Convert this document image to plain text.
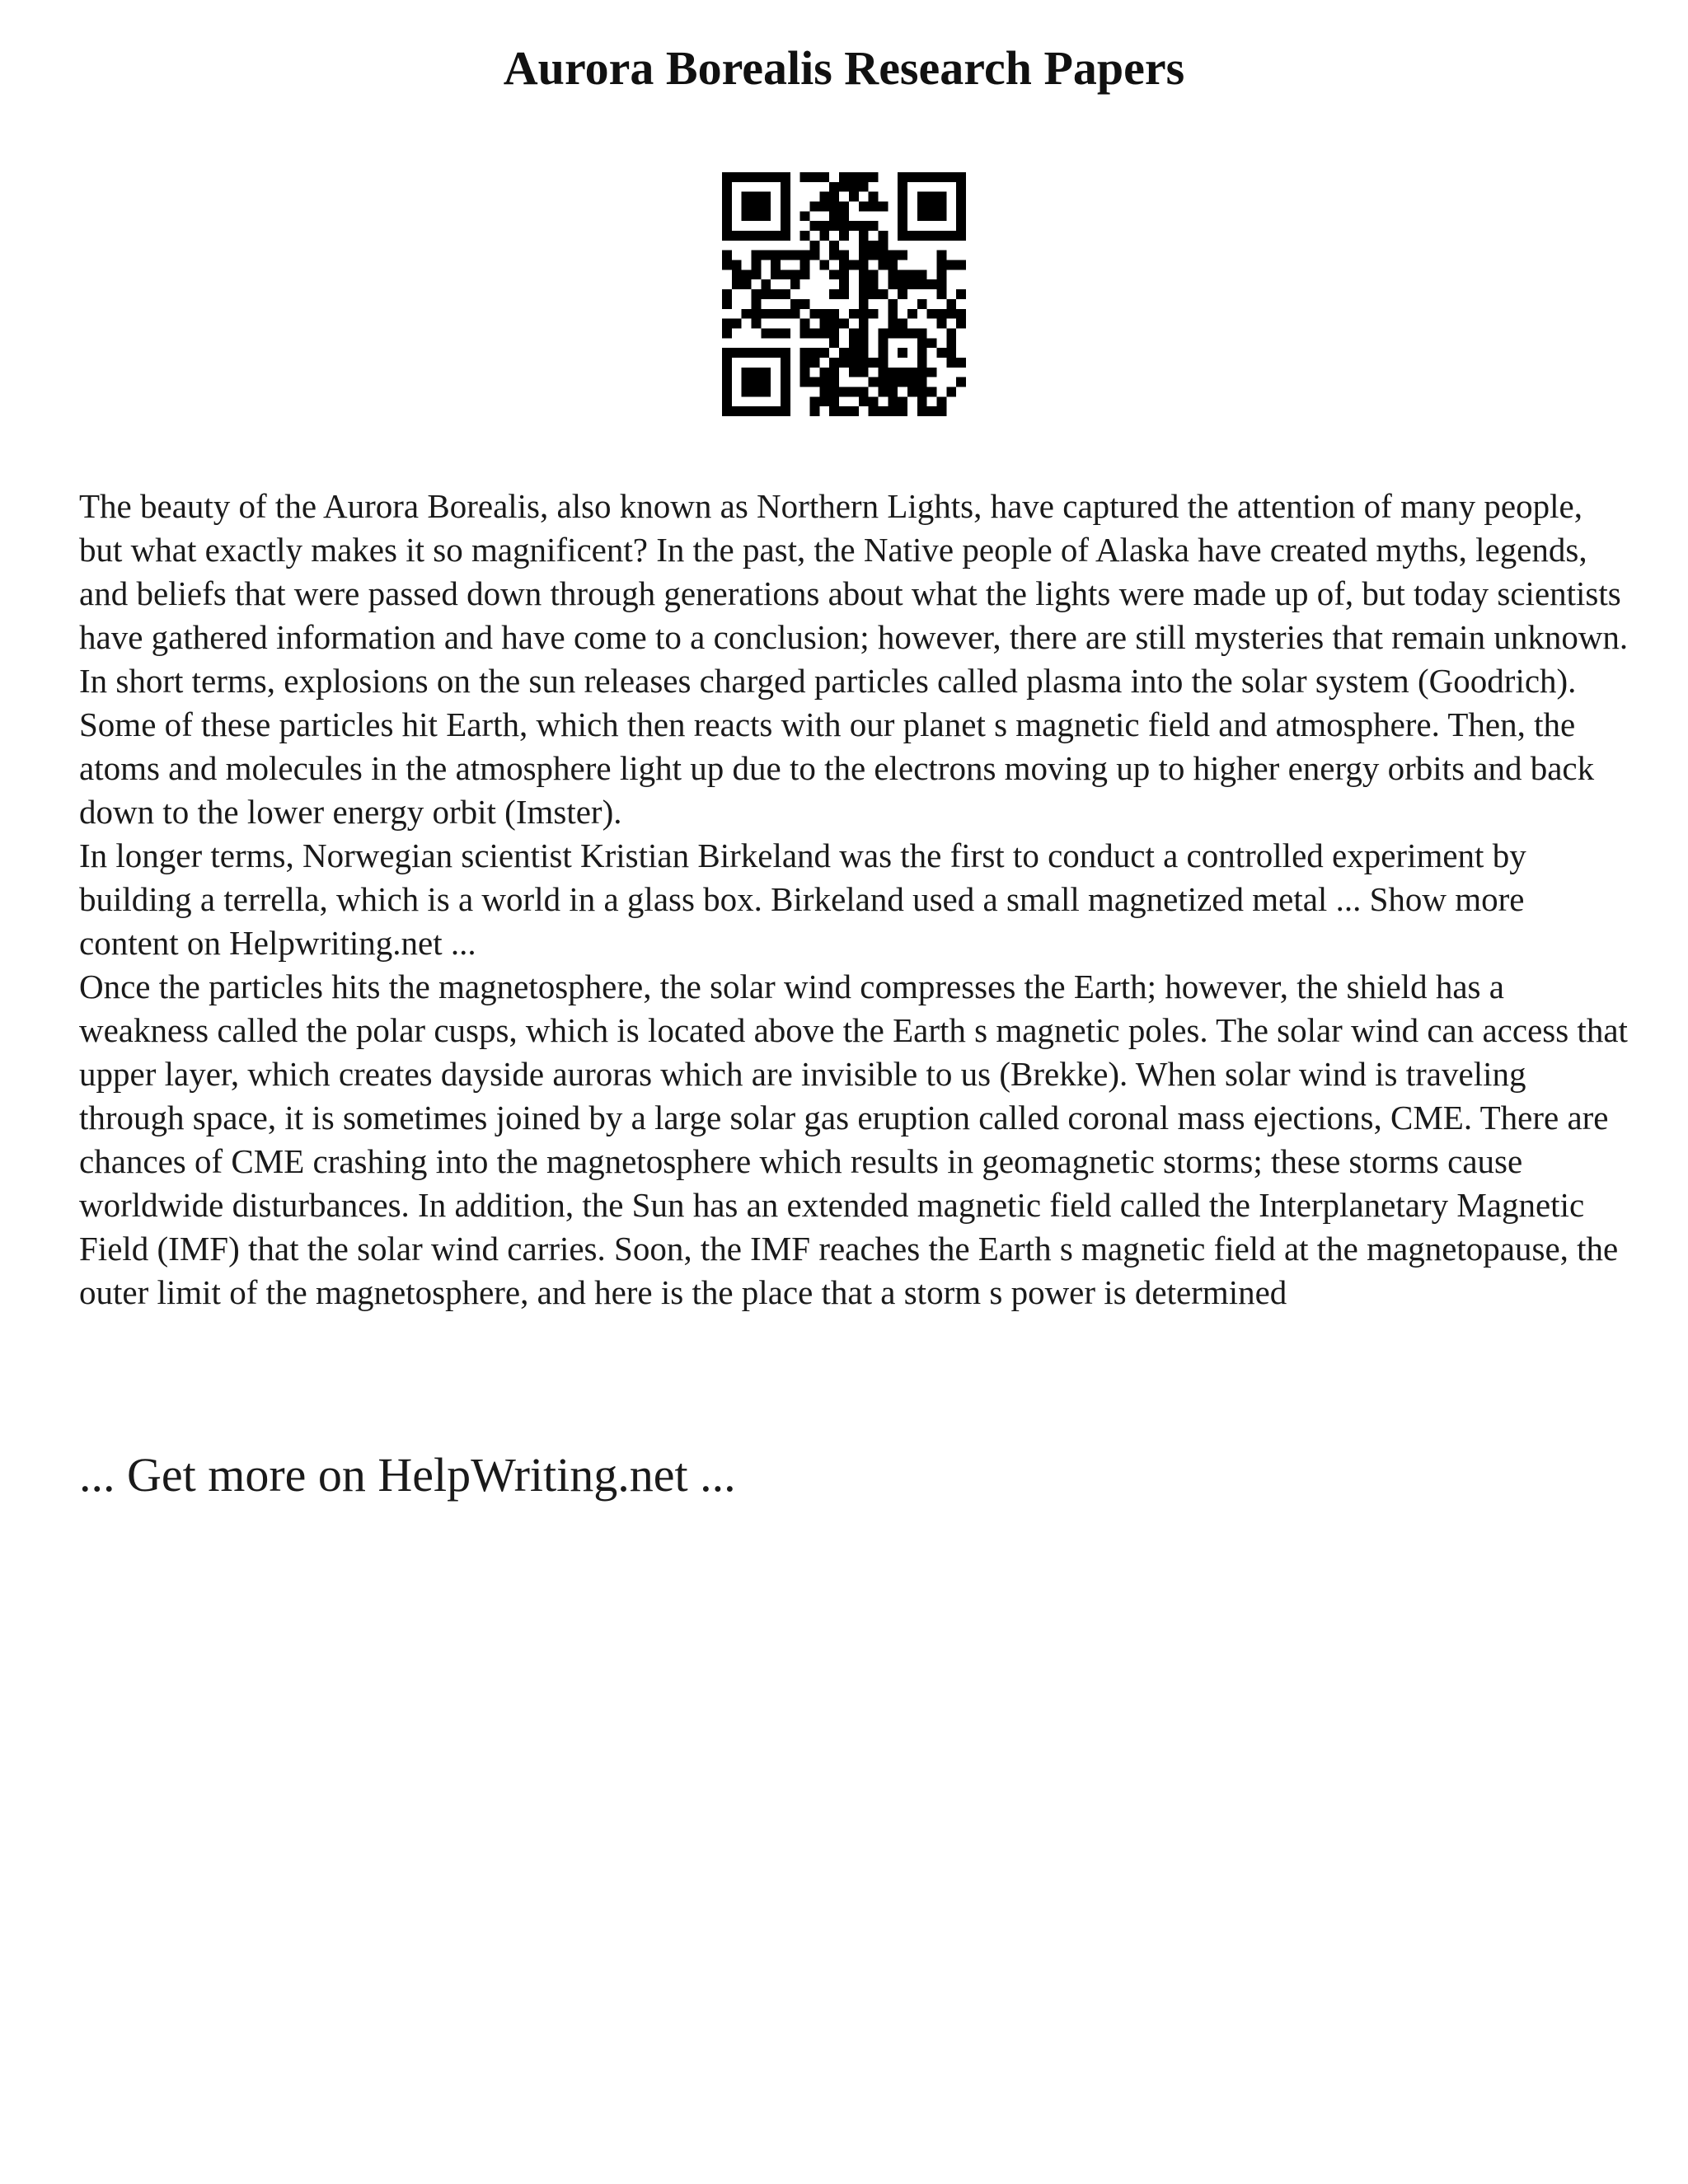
Aurora Borealis Research Papers

The beauty of the Aurora Borealis, also known as Northern Lights, have captured the attention of many people, but what exactly makes it so magnificent? In the past, the Native people of Alaska have created myths, legends, and beliefs that were passed down through generations about what the lights were made up of, but today scientists have gathered information and have come to a conclusion; however, there are still mysteries that remain unknown. In short terms, explosions on the sun releases charged particles called plasma into the solar system (Goodrich). Some of these particles hit Earth, which then reacts with our planet s magnetic field and atmosphere. Then, the atoms and molecules in the atmosphere light up due to the electrons moving up to higher energy orbits and back down to the lower energy orbit (Imster).

In longer terms, Norwegian scientist Kristian Birkeland was the first to conduct a controlled experiment by building a terrella, which is a world in a glass box. Birkeland used a small magnetized metal ... Show more content on Helpwriting.net ...

Once the particles hits the magnetosphere, the solar wind compresses the Earth; however, the shield has a weakness called the polar cusps, which is located above the Earth s magnetic poles. The solar wind can access that upper layer, which creates dayside auroras which are invisible to us (Brekke). When solar wind is traveling through space, it is sometimes joined by a large solar gas eruption called coronal mass ejections, CME. There are chances of CME crashing into the magnetosphere which results in geomagnetic storms; these storms cause worldwide disturbances. In addition, the Sun has an extended magnetic field called the Interplanetary Magnetic Field (IMF) that the solar wind carries. Soon, the IMF reaches the Earth s magnetic field at the magnetopause, the outer limit of the magnetosphere, and here is the place that a storm s power is determined

... Get more on HelpWriting.net ...
